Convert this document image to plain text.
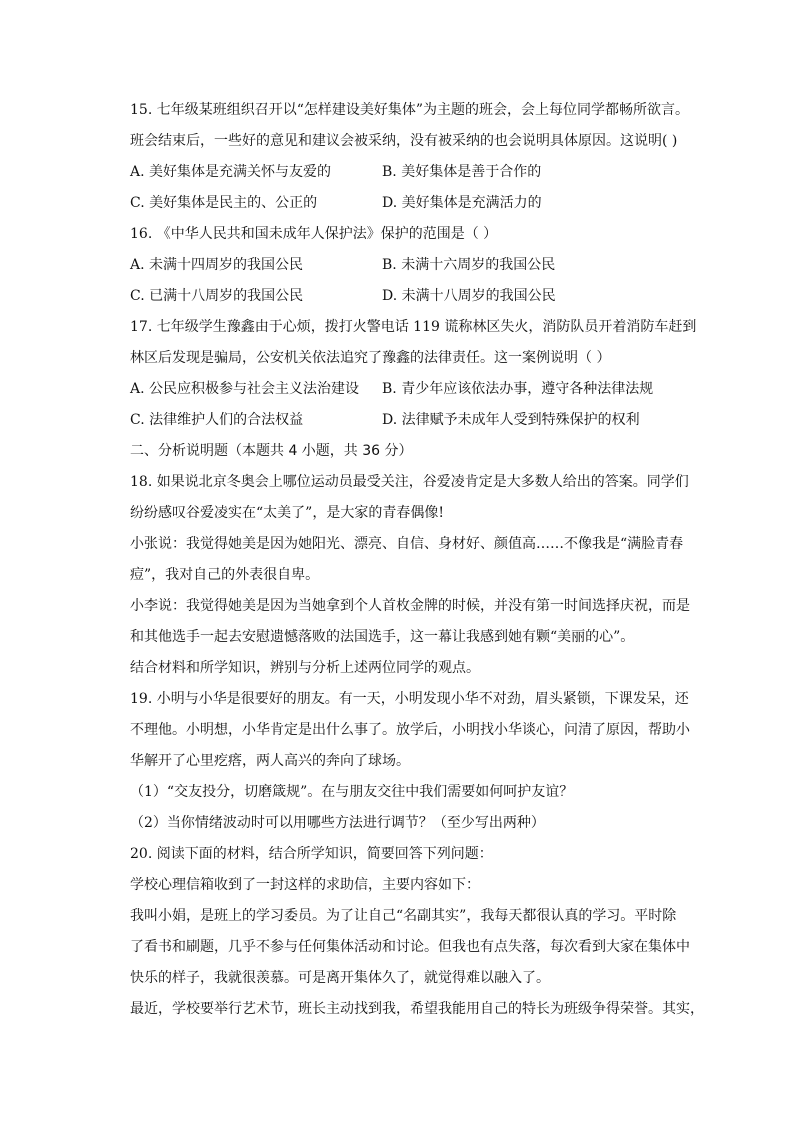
15. 七年级某班组织召开以“怎样建设美好集体”为主题的班会，会上每位同学都畅所欲言。
班会结束后，一些好的意见和建议会被采纳，没有被采纳的也会说明具体原因。这说明( )
A. 美好集体是充满关怀与友爱的	B. 美好集体是善于合作的
C. 美好集体是民主的、公正的	D. 美好集体是充满活力的
16. 《中华人民共和国未成年人保护法》保护的范围是（ ）
A. 未满十四周岁的我国公民	B. 未满十六周岁的我国公民
C. 已满十八周岁的我国公民	D. 未满十八周岁的我国公民
17. 七年级学生豫鑫由于心烦，拨打火警电话 119 谎称林区失火，消防队员开着消防车赶到
林区后发现是骗局，公安机关依法追究了豫鑫的法律责任。这一案例说明（ ）
A. 公民应积极参与社会主义法治建设	B. 青少年应该依法办事，遵守各种法律法规
C. 法律维护人们的合法权益	D. 法律赋予未成年人受到特殊保护的权利
二、分析说明题（本题共 4 小题，共 36 分）
18. 如果说北京冬奥会上哪位运动员最受关注，谷爱凌肯定是大多数人给出的答案。同学们
纷纷感叹谷爱凌实在“太美了”，是大家的青春偶像!
小张说：我觉得她美是因为她阳光、漂亮、自信、身材好、颜值高……不像我是“满脸青春
痘”，我对自己的外表很自卑。
小李说：我觉得她美是因为当她拿到个人首枚金牌的时候，并没有第一时间选择庆祝，而是
和其他选手一起去安慰遗憾落败的法国选手，这一幕让我感到她有颗“美丽的心”。
结合材料和所学知识，辨别与分析上述两位同学的观点。
19. 小明与小华是很要好的朋友。有一天，小明发现小华不对劲，眉头紧锁，下课发呆，还
不理他。小明想，小华肯定是出什么事了。放学后，小明找小华谈心，问清了原因，帮助小
华解开了心里疙瘩，两人高兴的奔向了球场。
（1）“交友投分，切磨箴规”。在与朋友交往中我们需要如何呵护友谊？
（2）当你情绪波动时可以用哪些方法进行调节？（至少写出两种）
20. 阅读下面的材料，结合所学知识，简要回答下列问题：
学校心理信箱收到了一封这样的求助信，主要内容如下：
我叫小娟，是班上的学习委员。为了让自己“名副其实”，我每天都很认真的学习。平时除
了看书和刷题，几乎不参与任何集体活动和讨论。但我也有点失落，每次看到大家在集体中
快乐的样子，我就很羡慕。可是离开集体久了，就觉得难以融入了。
最近，学校要举行艺术节，班长主动找到我，希望我能用自己的特长为班级争得荣誉。其实，
